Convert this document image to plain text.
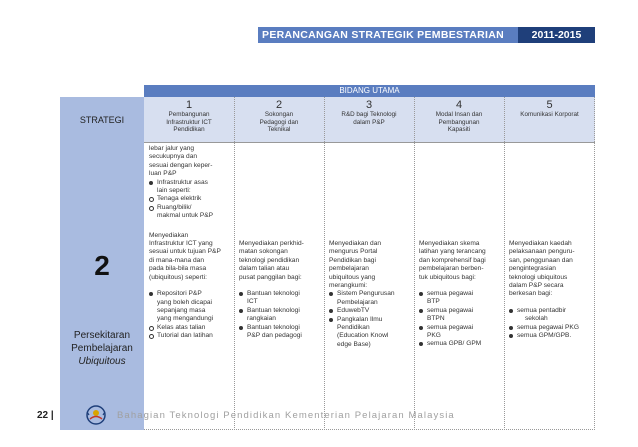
PERANCANGAN STRATEGIK PEMBESTARIAN	2011-2015
BIDANG UTAMA
STRATEGI
1
Pembangunan Infrastruktur ICT Pendidikan
2
Sokongan Pedagogi dan Teknikal
3
R&D bagi Teknologi dalam P&P
4
Modal Insan dan Pembangunan Kapasiti
5
Komunikasi Korporat
2
Persekitaran
Pembelajaran
Ubiquitous
lebar jalur yang
secukupnya dan
sesuai dengan keper-
luan P&P
Infrastruktur asas
lain seperti:
Tenaga elektrik
Ruang/bilik/
makmal untuk P&P
Menyediakan
Infrastruktur ICT yang
sesuai untuk tujuan P&P
di mana-mana dan
pada bila-bila masa
(ubiquitous) seperti:
Repositori P&P
yang boleh dicapai
sepanjang masa
yang mengandungi
Kelas atas talian
Tutorial dan latihan
Menyediakan perkhid-
matan sokongan
teknologi pendidikan
dalam talian atau
pusat panggilan bagi:
Bantuan teknologi
ICT
Bantuan teknologi
rangkaian
Bantuan teknologi
P&P dan pedagogi
Menyediakan dan
mengurus Portal
Pendidikan bagi
pembelajaran
ubiquitous yang
merangkumi:
Sistem Pengurusan
Pembelajaran
EduwebTV
Pangkalan Ilmu
Pendidikan
(Education Knowl
edge Base)
Menyediakan skema
latihan yang terancang
dan komprehensif bagi
pembelajaran berben-
tuk ubiquitous bagi:
semua pegawai
BTP
semua pegawai
BTPN
semua pegawai
PKG
semua GPB/ GPM
Menyediakan kaedah
pelaksanaan penguru-
san, penggunaan dan
pengintegrasian
teknologi ubiquitous
dalam P&P secara
berkesan bagi:
semua pentadbir
sekolah
semua pegawai PKG
semua GPM/GPB.
22 |	Bahagian Teknologi Pendidikan Kementerian Pelajaran Malaysia
